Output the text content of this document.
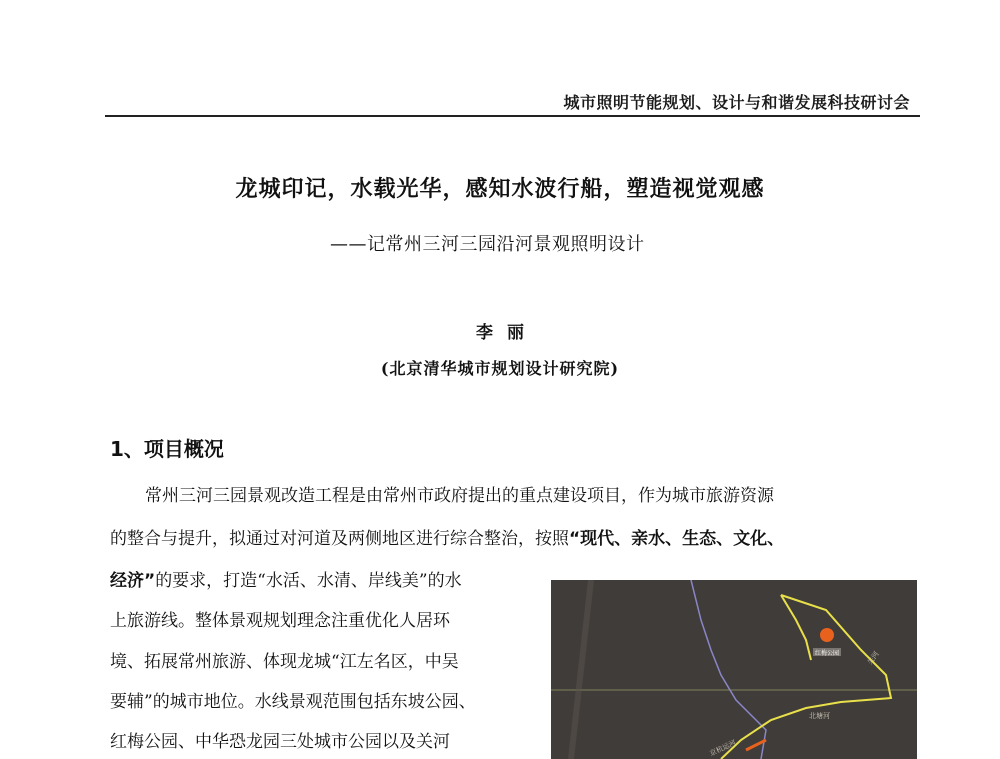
城市照明节能规划、设计与和谐发展科技研讨会
龙城印记，水载光华，感知水波行船，塑造视觉观感
——记常州三河三园沿河景观照明设计
李丽
(北京清华城市规划设计研究院)
1、项目概况
常州三河三园景观改造工程是由常州市政府提出的重点建设项目，作为城市旅游资源
的整合与提升，拟通过对河道及两侧地区进行综合整治，按照“现代、亲水、生态、文化、
经济”的要求，打造“水活、水清、岸线美”的水
上旅游线。整体景观规划理念注重优化人居环
境、拓展常州旅游、体现龙城“江左名区，中吴
要辅”的城市地位。水线景观范围包括东坡公园、
红梅公园、中华恐龙园三处城市公园以及关河
红梅公园	关河
北塘河
京杭运河
